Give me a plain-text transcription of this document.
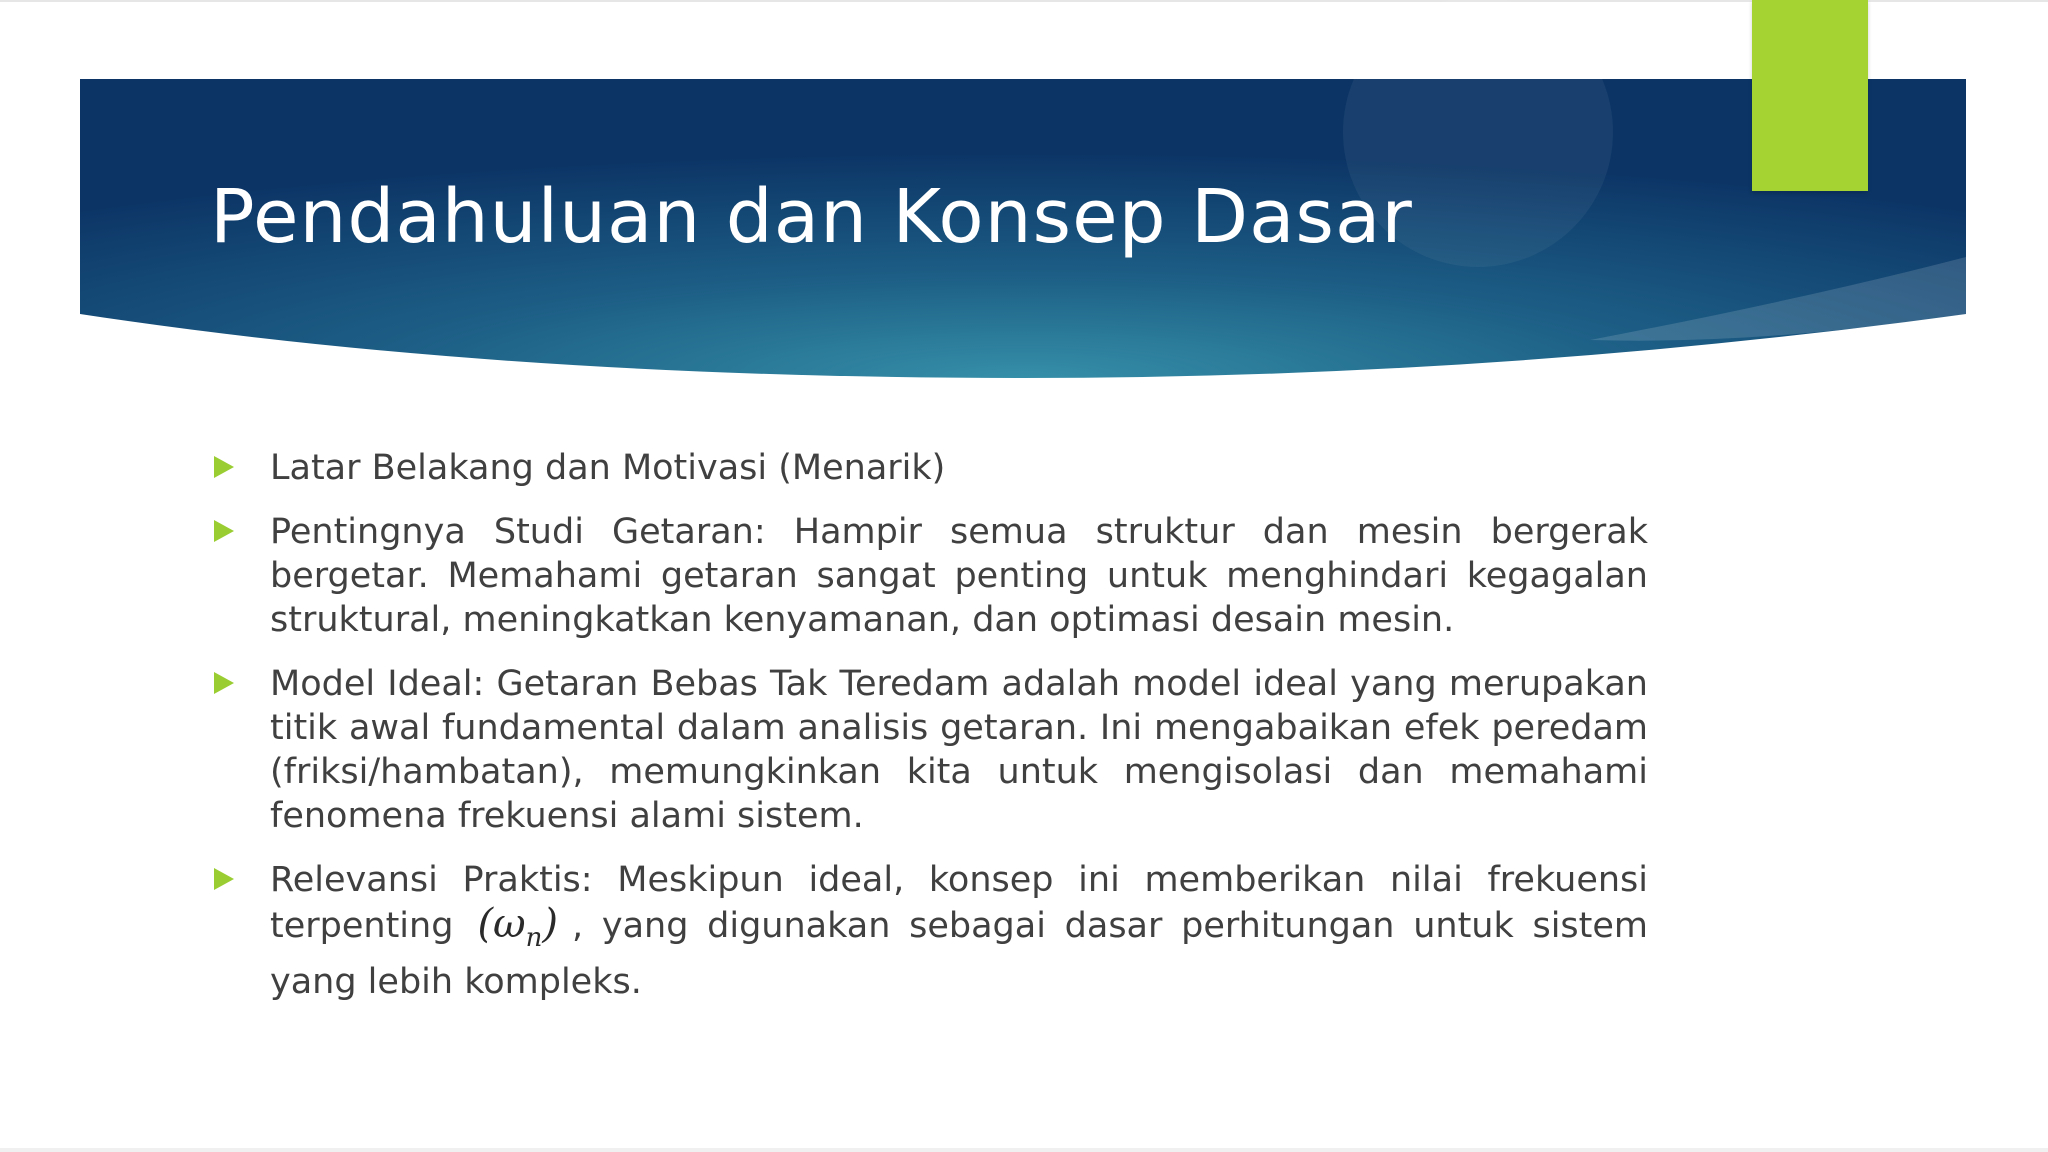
Pendahuluan dan Konsep Dasar
Latar Belakang dan Motivasi (Menarik)
Pentingnya Studi Getaran: Hampir semua struktur dan mesin bergerak bergetar. Memahami getaran sangat penting untuk menghindari kegagalan struktural, meningkatkan kenyamanan, dan optimasi desain mesin.
Model Ideal: Getaran Bebas Tak Teredam adalah model ideal yang merupakan titik awal fundamental dalam analisis getaran. Ini mengabaikan efek peredam (friksi/hambatan), memungkinkan kita untuk mengisolasi dan memahami fenomena frekuensi alami sistem.
Relevansi Praktis: Meskipun ideal, konsep ini memberikan nilai frekuensi terpenting $(\omega_n)$ , yang digunakan sebagai dasar perhitungan untuk sistem yang lebih kompleks.
